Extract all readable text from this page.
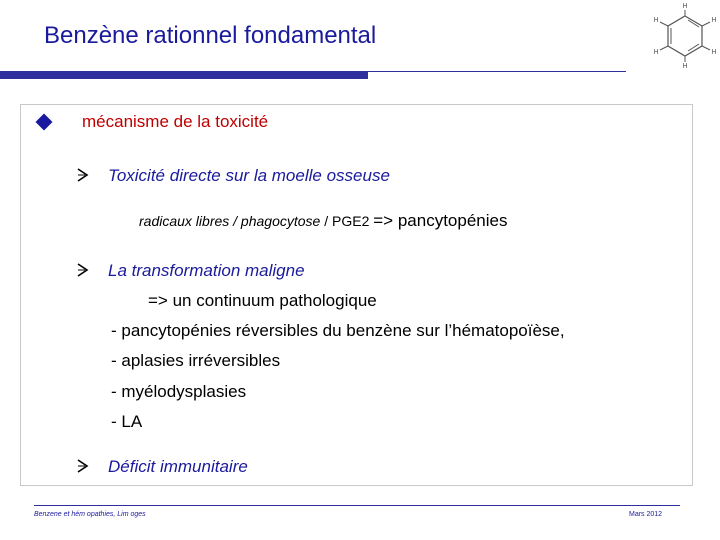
Benzène rationnel fondamental
H
H
H
H
H
H
mécanisme de la toxicité
Toxicité directe sur la moelle osseuse
radicaux libres / phagocytose / PGE2 => pancytopénies
La transformation maligne
=> un continuum pathologique
- pancytopénies réversibles du benzène sur l’hématopoïèse,
- aplasies irréversibles
- myélodysplasies
- LA
Déficit immunitaire
Benzene et hém opathies, Lim oges	Mars 2012
